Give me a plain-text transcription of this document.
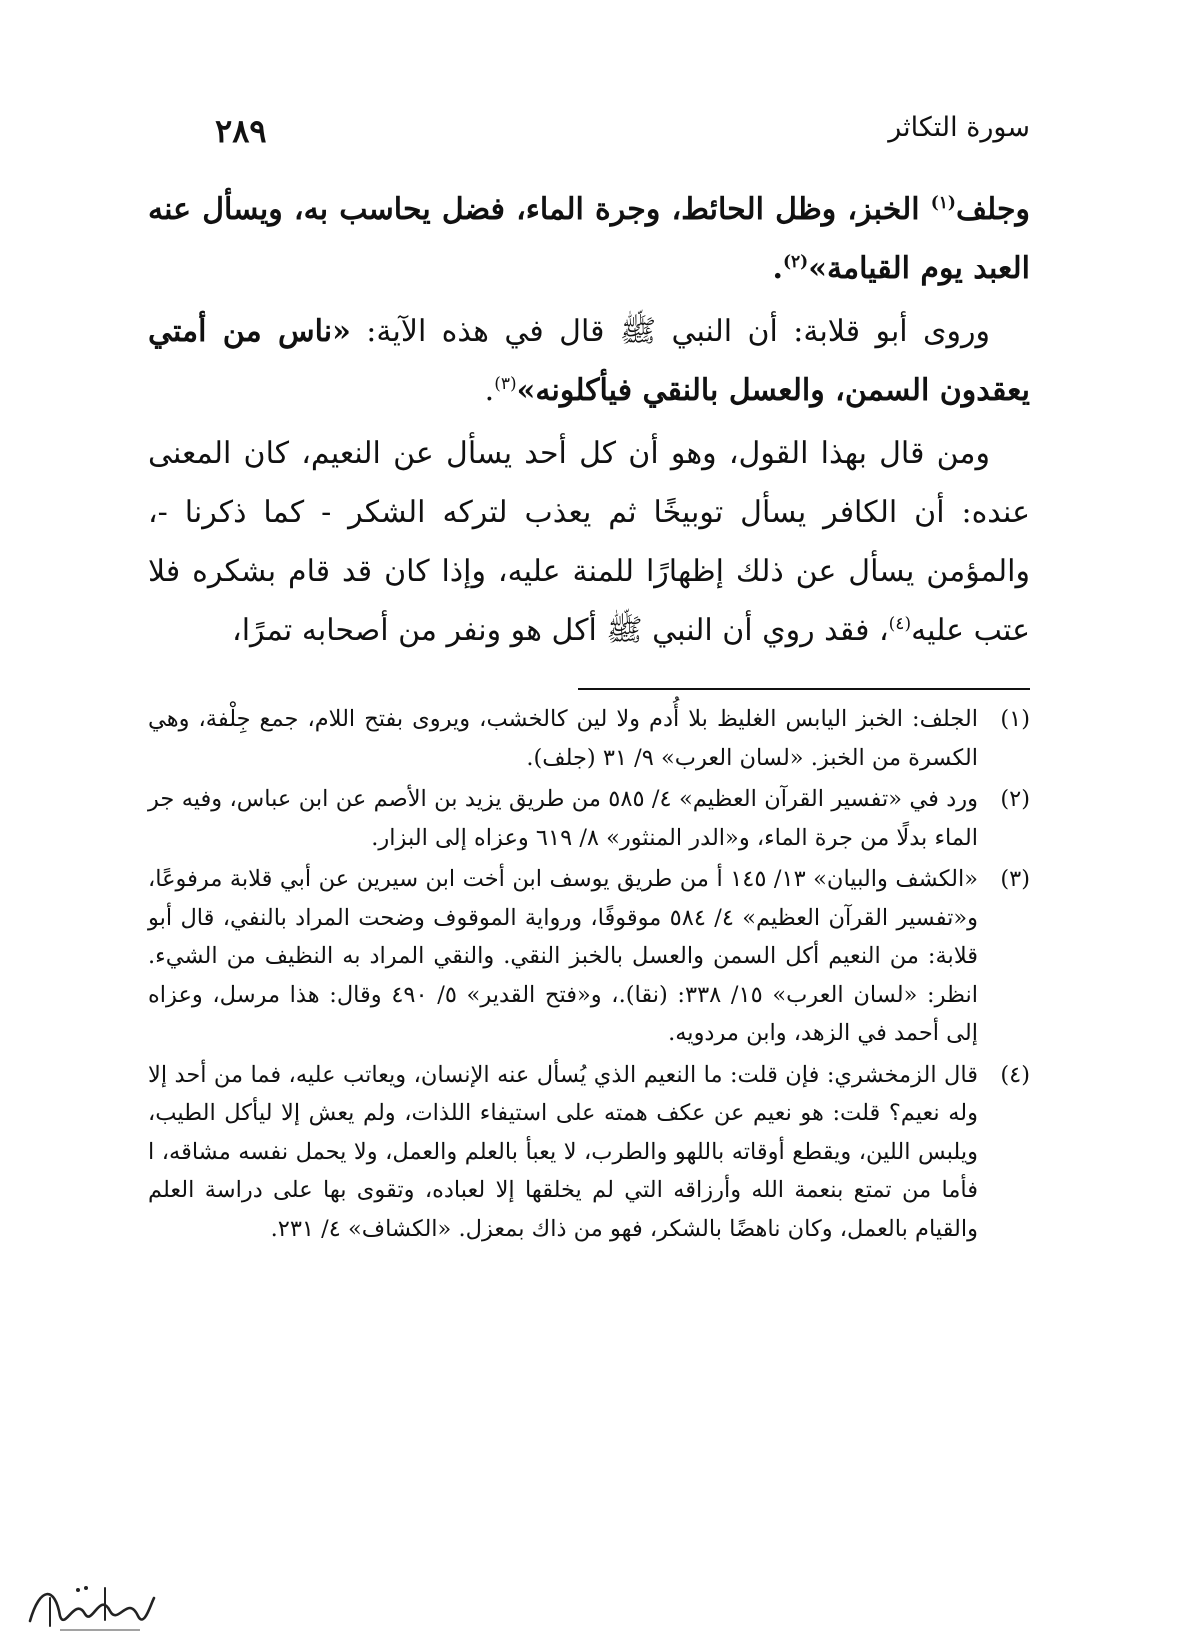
سورة التكاثر
٢٨٩

وجلف$^{(١)}$ الخبز، وظل الحائط، وجرة الماء، فضل يحاسب به، ويسأل عنه العبد يوم القيامة»$^{(٢)}$.

وروى أبو قلابة: أن النبي ﷺ قال في هذه الآية: «ناس من أمتي يعقدون السمن، والعسل بالنقي فيأكلونه»$^{(٣)}$.

ومن قال بهذا القول، وهو أن كل أحد يسأل عن النعيم، كان المعنى عنده: أن الكافر يسأل توبيخًا ثم يعذب لترکه الشكر - كما ذكرنا -، والمؤمن يسأل عن ذلك إظهارًا للمنة عليه، وإذا كان قد قام بشكره فلا عتب عليه$^{(٤)}$، فقد روي أن النبي ﷺ أكل هو ونفر من أصحابه تمرًا،

(١)
الجلف: الخبز اليابس الغليظ بلا أُدم ولا لين كالخشب، ويروى بفتح اللام، جمع جِلْفة، وهي الكسرة من الخبز. «لسان العرب» ٩/ ٣١ (جلف).
(٢)
ورد في «تفسير القرآن العظيم» ٤/ ٥٨٥ من طريق يزيد بن الأصم عن ابن عباس، وفيه جر الماء بدلًا من جرة الماء، و«الدر المنثور» ٨/ ٦١٩ وعزاه إلى البزار.
(٣)
«الكشف والبيان» ١٣/ ١٤٥ أ من طريق يوسف ابن أخت ابن سيرين عن أبي قلابة مرفوعًا، و«تفسير القرآن العظيم» ٤/ ٥٨٤ موقوفًا، ورواية الموقوف وضحت المراد بالنفي، قال أبو قلابة: من النعيم أكل السمن والعسل بالخبز النقي. والنقي المراد به النظيف من الشيء. انظر: «لسان العرب» ١٥/ ٣٣٨: (نقا).، و«فتح القدير» ٥/ ٤٩٠ وقال: هذا مرسل، وعزاه إلى أحمد في الزهد، وابن مردويه.
(٤)
قال الزمخشري: فإن قلت: ما النعيم الذي يُسأل عنه الإنسان، ويعاتب عليه، فما من أحد إلا وله نعيم؟ قلت: هو نعيم عن عكف همته على استيفاء اللذات، ولم يعش إلا ليأكل الطيب، ويلبس اللين، ويقطع أوقاته باللهو والطرب، لا يعبأ بالعلم والعمل، ولا يحمل نفسه مشاقه، ا فأما من تمتع بنعمة الله وأرزاقه التي لم يخلقها إلا لعباده، وتقوى بها على دراسة العلم والقيام بالعمل، وكان ناهضًا بالشكر، فهو من ذاك بمعزل. «الكشاف» ٤/ ٢٣١.
